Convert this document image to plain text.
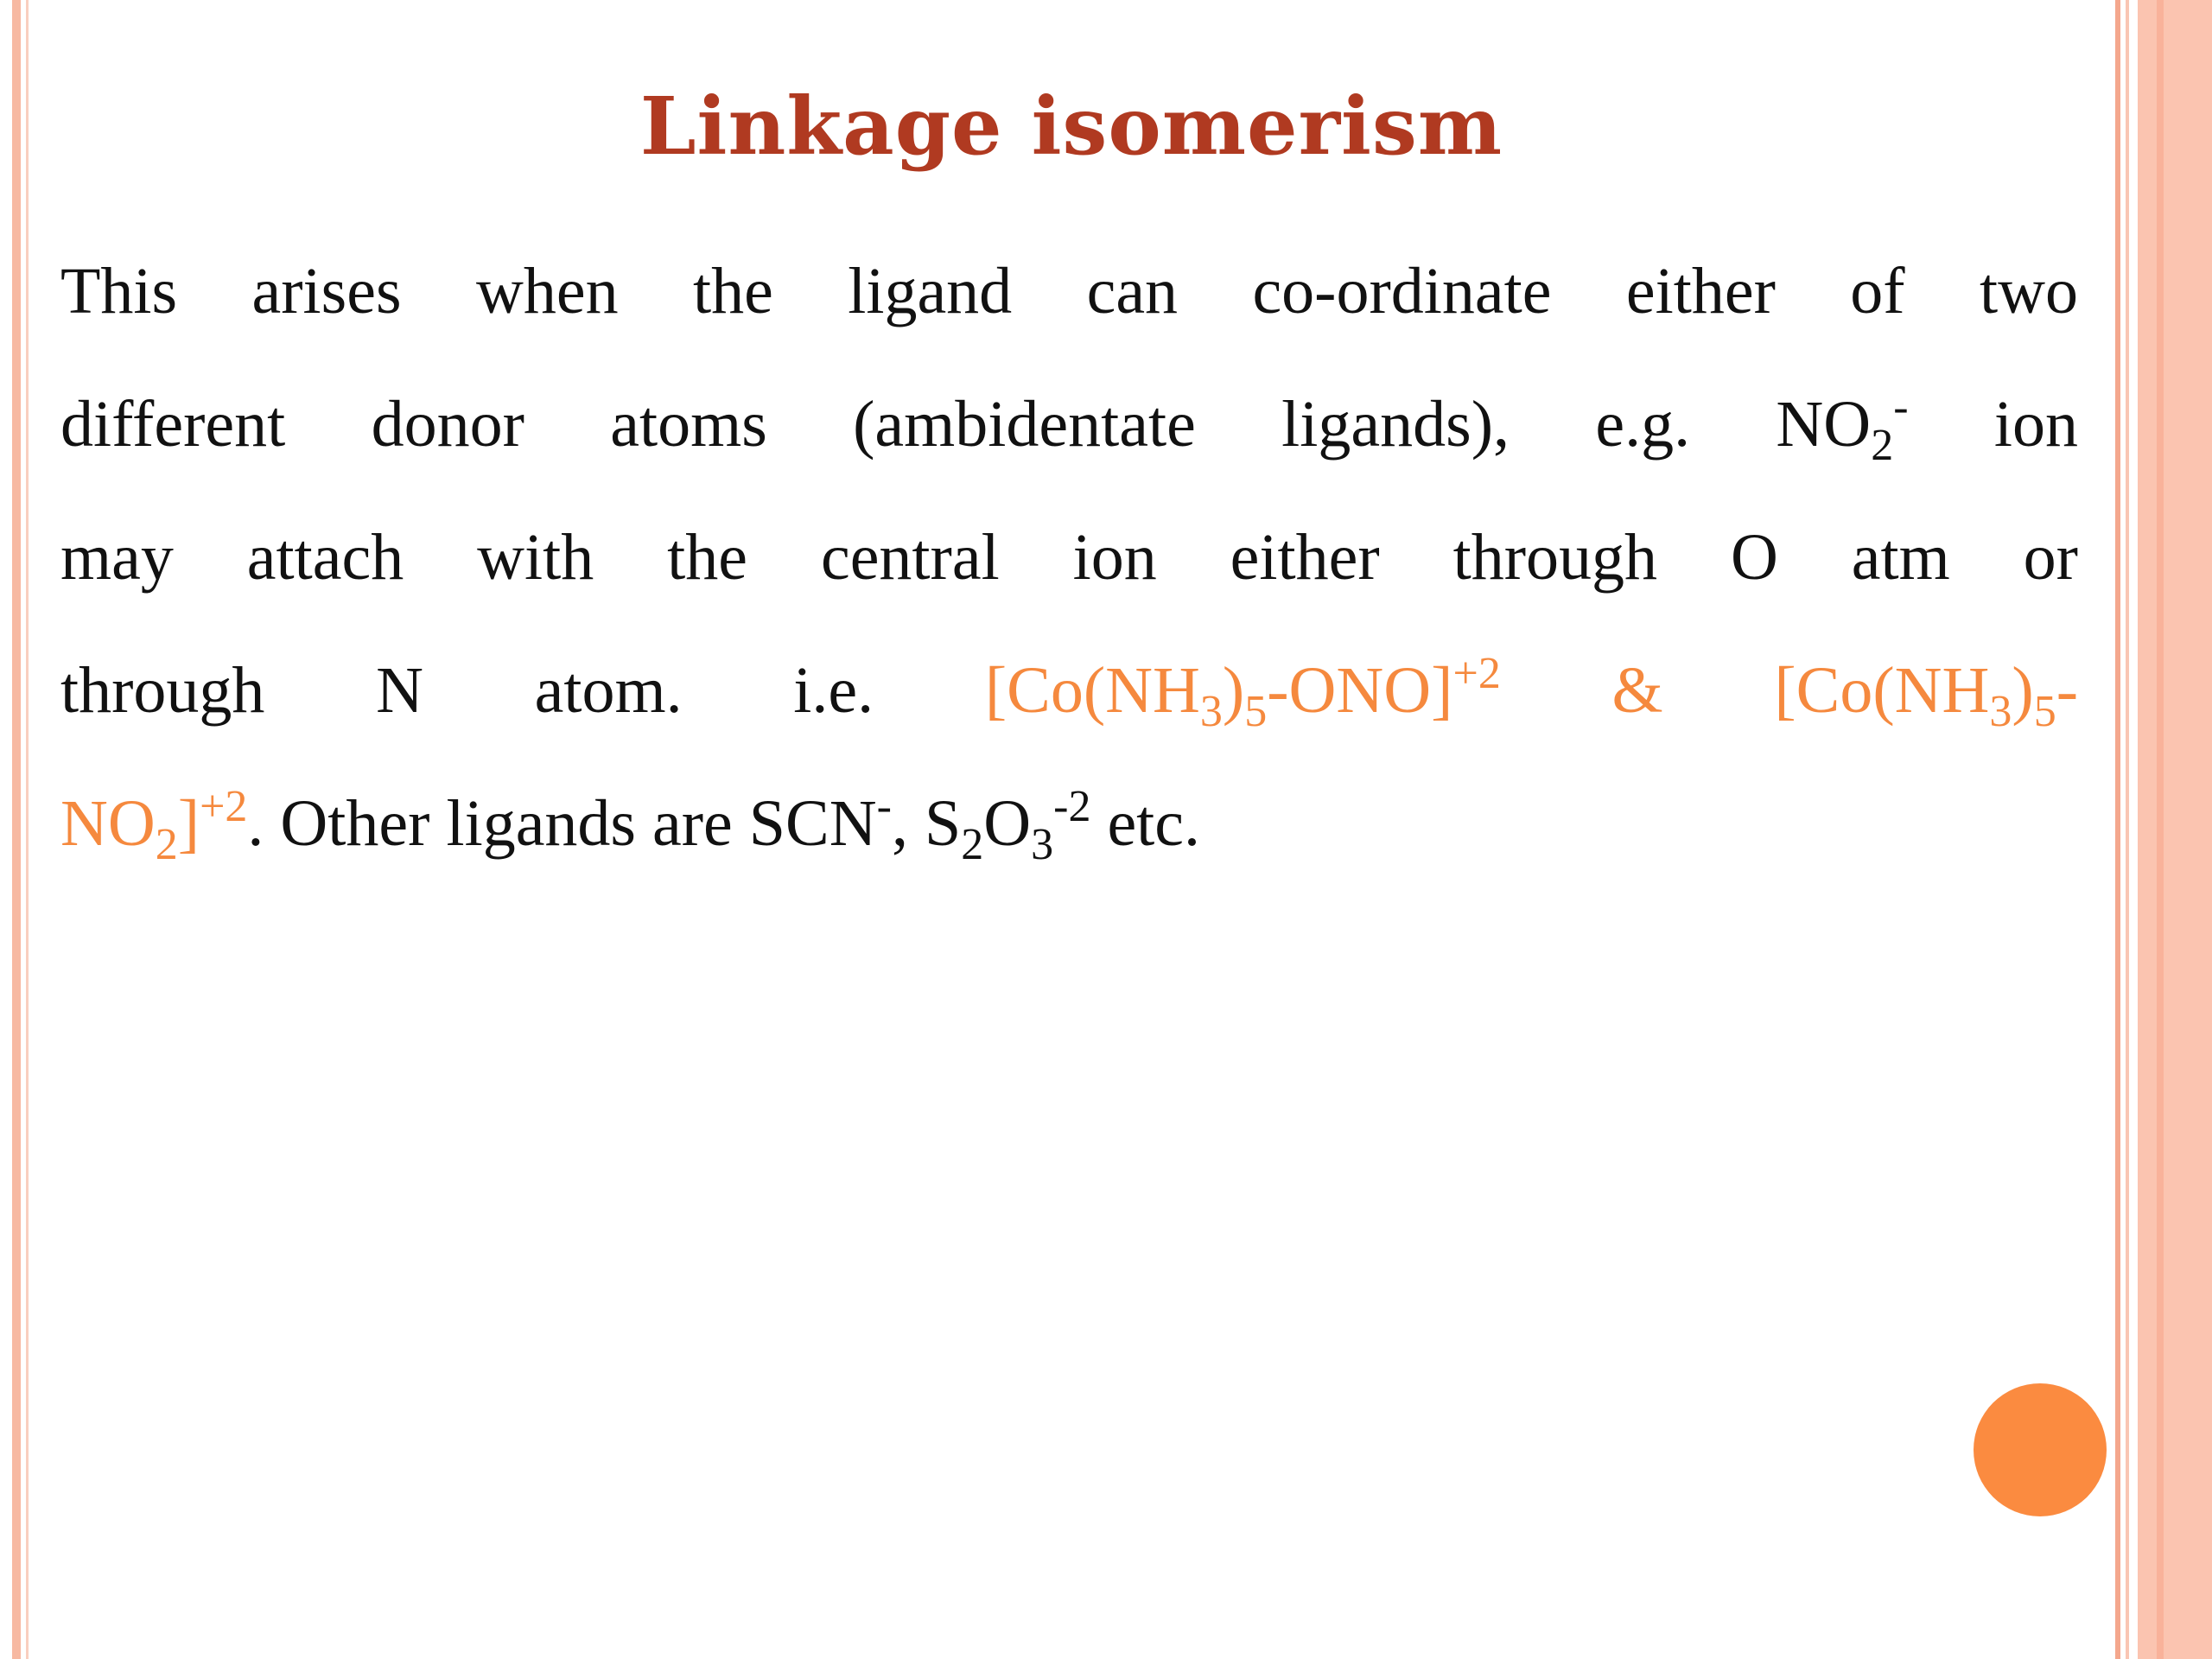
Linkage isomerism
This arises when the ligand can co-ordinate either of two
different donor atoms (ambidentate ligands), e.g. $NO_2^-$ ion
may attach with the central ion either through O atm or
through N atom. i.e. $[Co(NH_3)_5-ONO]^{+2}$ & [$Co(NH_3)_5-$
$NO_2]^{+2}$. Other ligands are SCN-, $S_2O_3^{-2}$ etc.
